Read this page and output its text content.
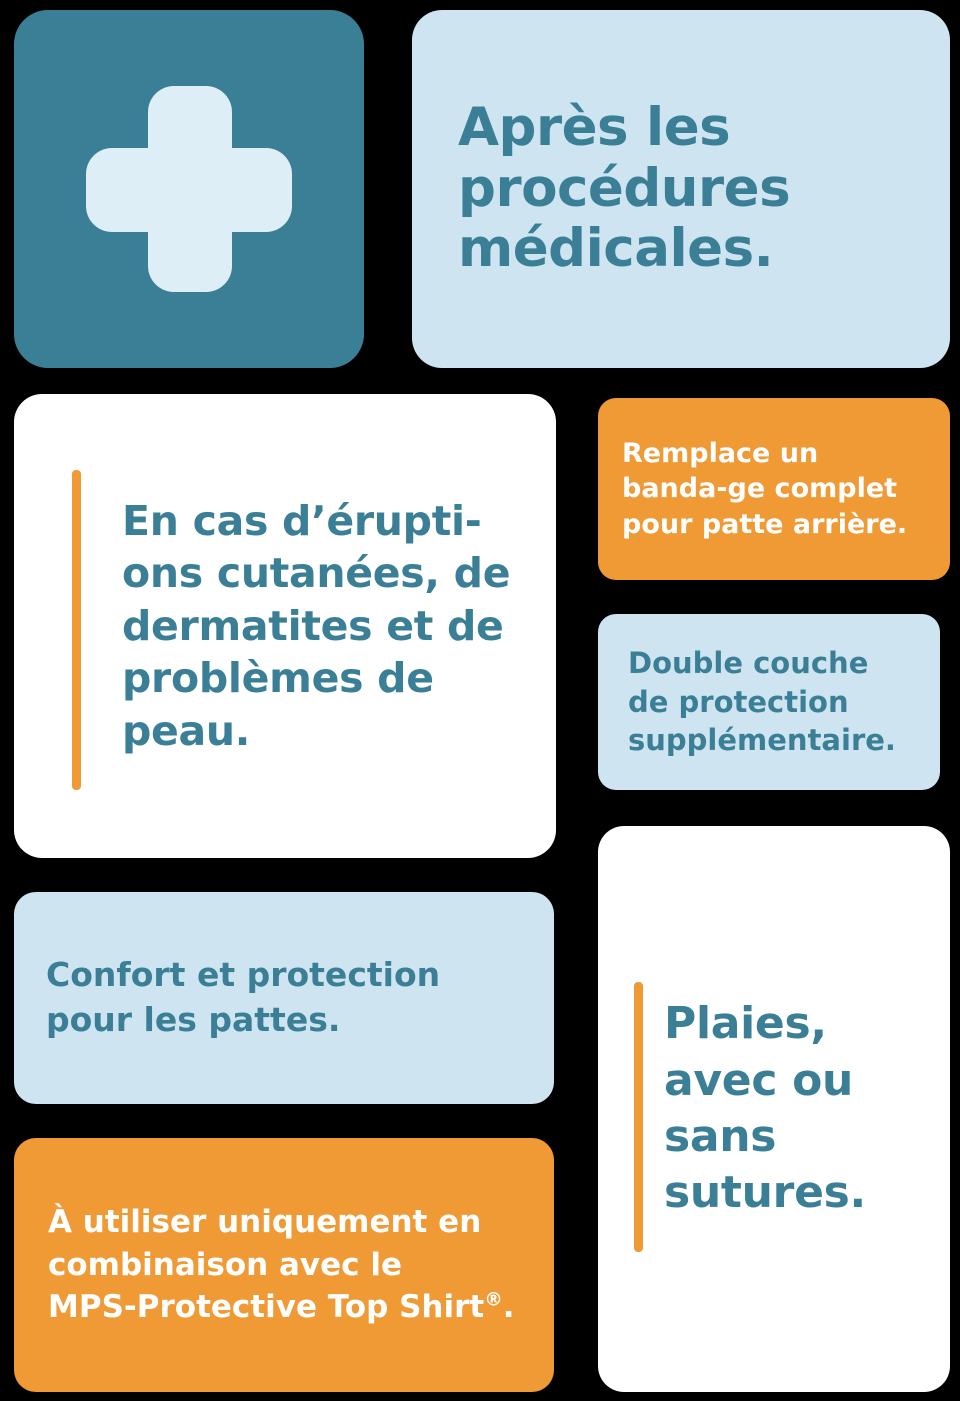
Après les procédures médicales.
En cas d’érupti-ons cutanées, de dermatites et de problèmes de peau.
Remplace un banda-ge complet pour patte arrière.
Double couche de protection supplémentaire.
Confort et protection pour les pattes.	Plaies, avec ou sans sutures.
À utiliser uniquement en
combinaison avec le
MPS-Protective Top Shirt®.
